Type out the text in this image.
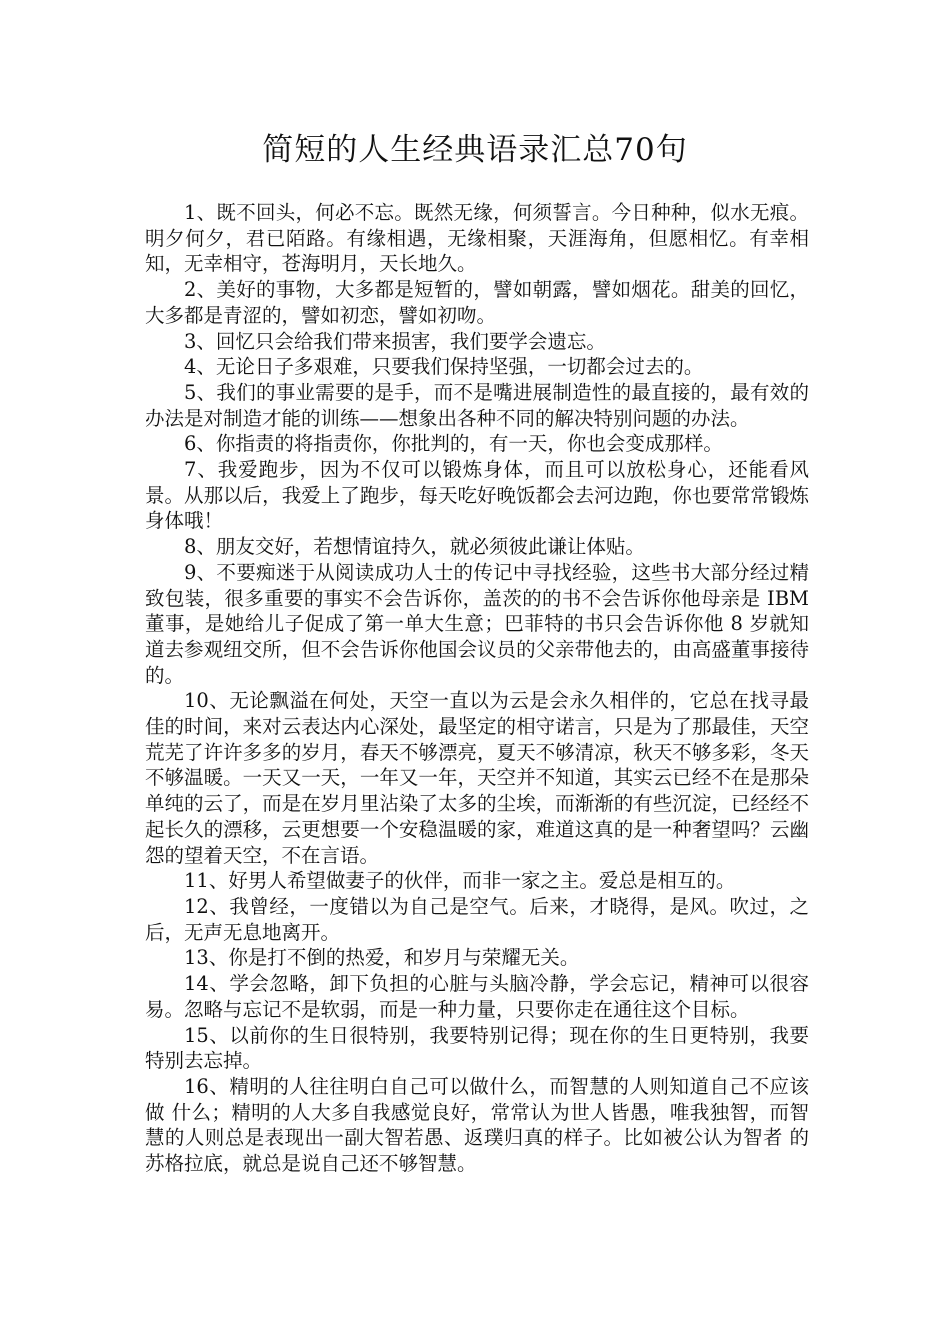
简短的人生经典语录汇总70句

1、既不回头，何必不忘。既然无缘，何须誓言。今日种种，似水无痕。明夕何夕，君已陌路。有缘相遇，无缘相聚，天涯海角，但愿相忆。有幸相知，无幸相守，苍海明月，天长地久。

2、美好的事物，大多都是短暂的，譬如朝露，譬如烟花。甜美的回忆，大多都是青涩的，譬如初恋，譬如初吻。

3、回忆只会给我们带来损害，我们要学会遗忘。

4、无论日子多艰难，只要我们保持坚强，一切都会过去的。

5、我们的事业需要的是手，而不是嘴进展制造性的最直接的，最有效的办法是对制造才能的训练——想象出各种不同的解决特别问题的办法。

6、你指责的将指责你，你批判的，有一天，你也会变成那样。

7、我爱跑步，因为不仅可以锻炼身体，而且可以放松身心，还能看风景。从那以后，我爱上了跑步，每天吃好晚饭都会去河边跑，你也要常常锻炼身体哦！

8、朋友交好，若想情谊持久，就必须彼此谦让体贴。

9、不要痴迷于从阅读成功人士的传记中寻找经验，这些书大部分经过精致包装，很多重要的事实不会告诉你，盖茨的的书不会告诉你他母亲是 IBM 董事，是她给儿子促成了第一单大生意；巴菲特的书只会告诉你他 8 岁就知道去参观纽交所，但不会告诉你他国会议员的父亲带他去的，由高盛董事接待的。

10、无论飘溢在何处，天空一直以为云是会永久相伴的，它总在找寻最佳的时间，来对云表达内心深处，最坚定的相守诺言，只是为了那最佳，天空荒芜了许许多多的岁月，春天不够漂亮，夏天不够清凉，秋天不够多彩，冬天不够温暖。一天又一天，一年又一年，天空并不知道，其实云已经不在是那朵单纯的云了，而是在岁月里沾染了太多的尘埃，而渐渐的有些沉淀，已经经不起长久的漂移，云更想要一个安稳温暖的家，难道这真的是一种奢望吗？云幽怨的望着天空，不在言语。

11、好男人希望做妻子的伙伴，而非一家之主。爱总是相互的。

12、我曾经，一度错以为自己是空气。后来，才晓得，是风。吹过，之后，无声无息地离开。

13、你是打不倒的热爱，和岁月与荣耀无关。

14、学会忽略，卸下负担的心脏与头脑冷静，学会忘记，精神可以很容易。忽略与忘记不是软弱，而是一种力量，只要你走在通往这个目标。

15、以前你的生日很特别，我要特别记得；现在你的生日更特别，我要特别去忘掉。

16、精明的人往往明白自己可以做什么，而智慧的人则知道自己不应该做 什么；精明的人大多自我感觉良好，常常认为世人皆愚，唯我独智，而智 慧的人则总是表现出一副大智若愚、返璞归真的样子。比如被公认为智者 的苏格拉底，就总是说自己还不够智慧。
